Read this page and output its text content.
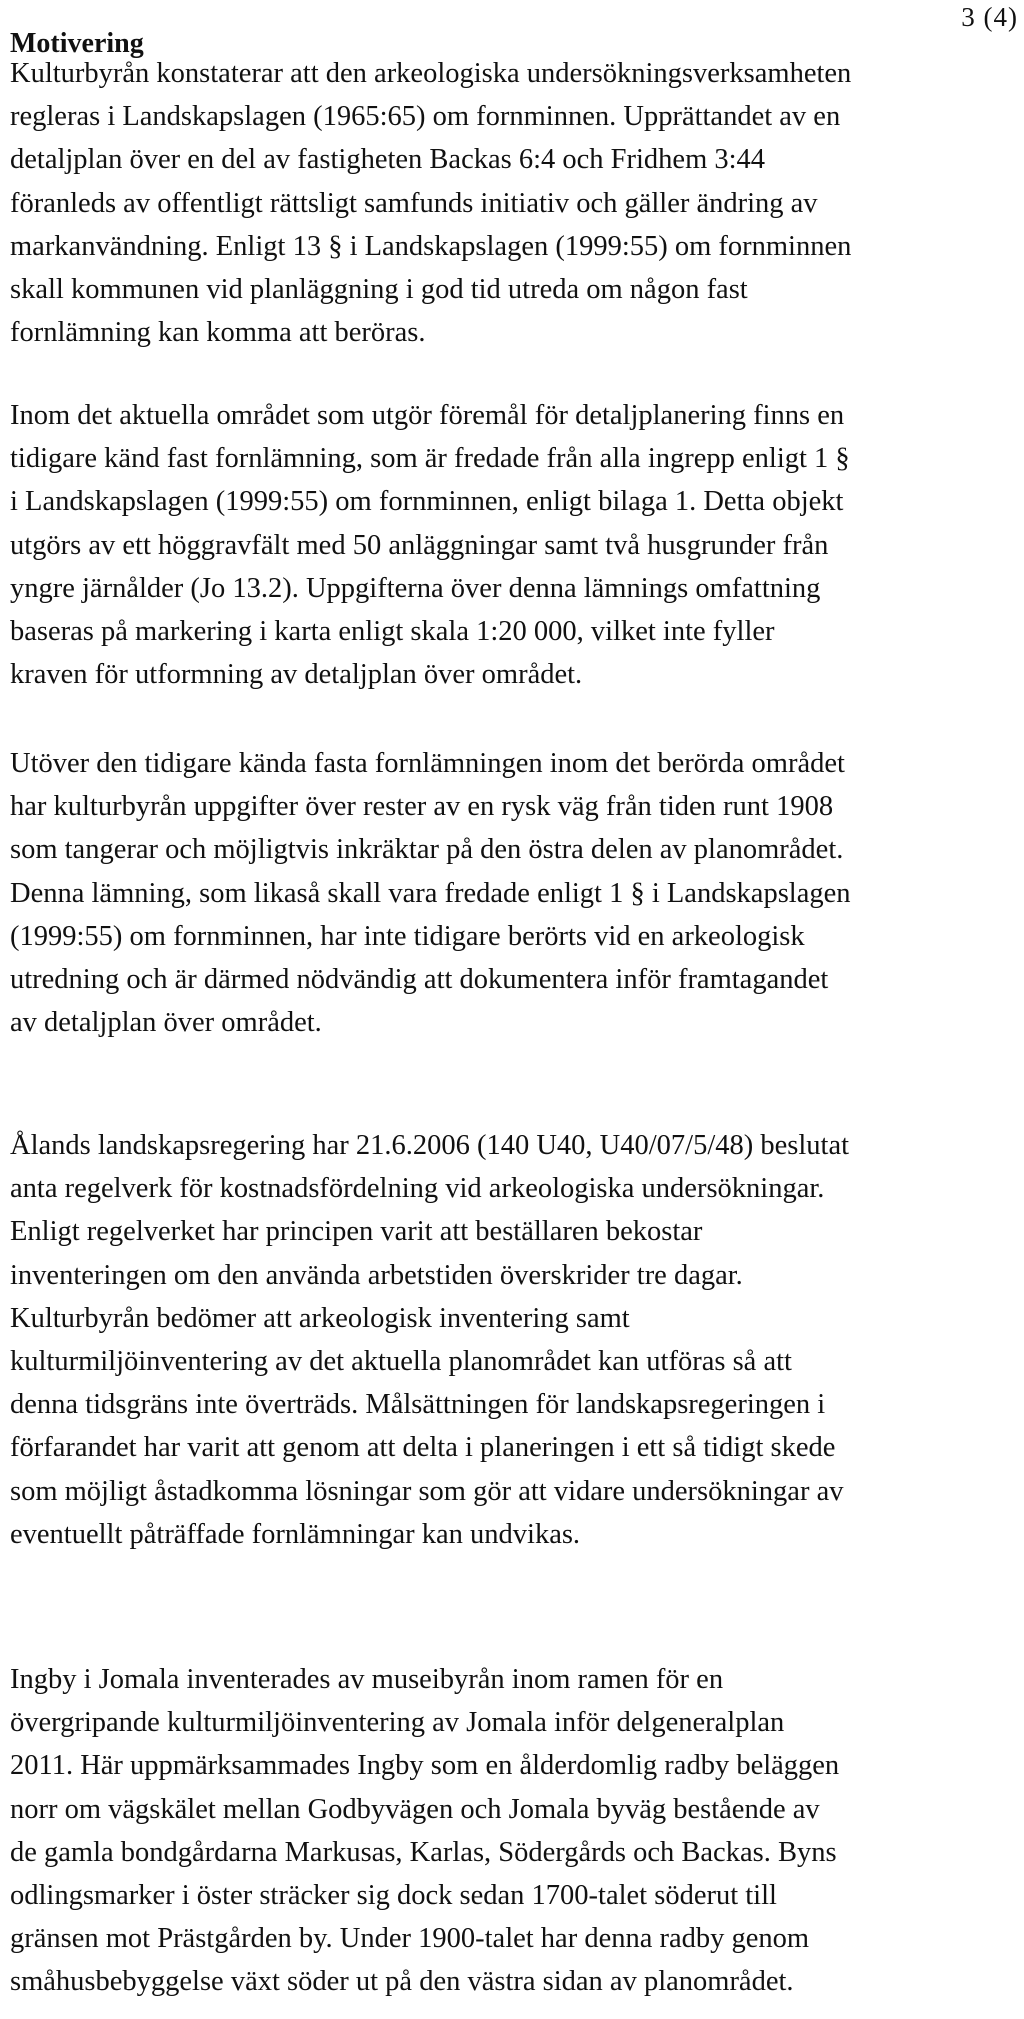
3 (4)
Motivering

Kulturbyrån konstaterar att den arkeologiska undersökningsverksamheten
regleras i Landskapslagen (1965:65) om fornminnen. Upprättandet av en
detaljplan över en del av fastigheten Backas 6:4 och Fridhem 3:44
föranleds av offentligt rättsligt samfunds initiativ och gäller ändring av
markanvändning. Enligt 13 § i Landskapslagen (1999:55) om fornminnen
skall kommunen vid planläggning i god tid utreda om någon fast
fornlämning kan komma att beröras.

Inom det aktuella området som utgör föremål för detaljplanering finns en
tidigare känd fast fornlämning, som är fredade från alla ingrepp enligt 1 §
i Landskapslagen (1999:55) om fornminnen, enligt bilaga 1. Detta objekt
utgörs av ett höggravfält med 50 anläggningar samt två husgrunder från
yngre järnålder (Jo 13.2). Uppgifterna över denna lämnings omfattning
baseras på markering i karta enligt skala 1:20 000, vilket inte fyller
kraven för utformning av detaljplan över området.

Utöver den tidigare kända fasta fornlämningen inom det berörda området
har kulturbyrån uppgifter över rester av en rysk väg från tiden runt 1908
som tangerar och möjligtvis inkräktar på den östra delen av planområdet.
Denna lämning, som likaså skall vara fredade enligt 1 § i Landskapslagen
(1999:55) om fornminnen, har inte tidigare berörts vid en arkeologisk
utredning och är därmed nödvändig att dokumentera inför framtagandet
av detaljplan över området.

Ålands landskapsregering har 21.6.2006 (140 U40, U40/07/5/48) beslutat
anta regelverk för kostnadsfördelning vid arkeologiska undersökningar.
Enligt regelverket har principen varit att beställaren bekostar
inventeringen om den använda arbetstiden överskrider tre dagar.
Kulturbyrån bedömer att arkeologisk inventering samt
kulturmiljöinventering av det aktuella planområdet kan utföras så att
denna tidsgräns inte överträds. Målsättningen för landskapsregeringen i
förfarandet har varit att genom att delta i planeringen i ett så tidigt skede
som möjligt åstadkomma lösningar som gör att vidare undersökningar av
eventuellt påträffade fornlämningar kan undvikas.

Ingby i Jomala inventerades av museibyrån inom ramen för en
övergripande kulturmiljöinventering av Jomala inför delgeneralplan
2011. Här uppmärksammades Ingby som en ålderdomlig radby beläggen
norr om vägskälet mellan Godbyvägen och Jomala byväg bestående av
de gamla bondgårdarna Markusas, Karlas, Södergårds och Backas. Byns
odlingsmarker i öster sträcker sig dock sedan 1700-talet söderut till
gränsen mot Prästgården by. Under 1900-talet har denna radby genom
småhusbebyggelse växt söder ut på den västra sidan av planområdet.
